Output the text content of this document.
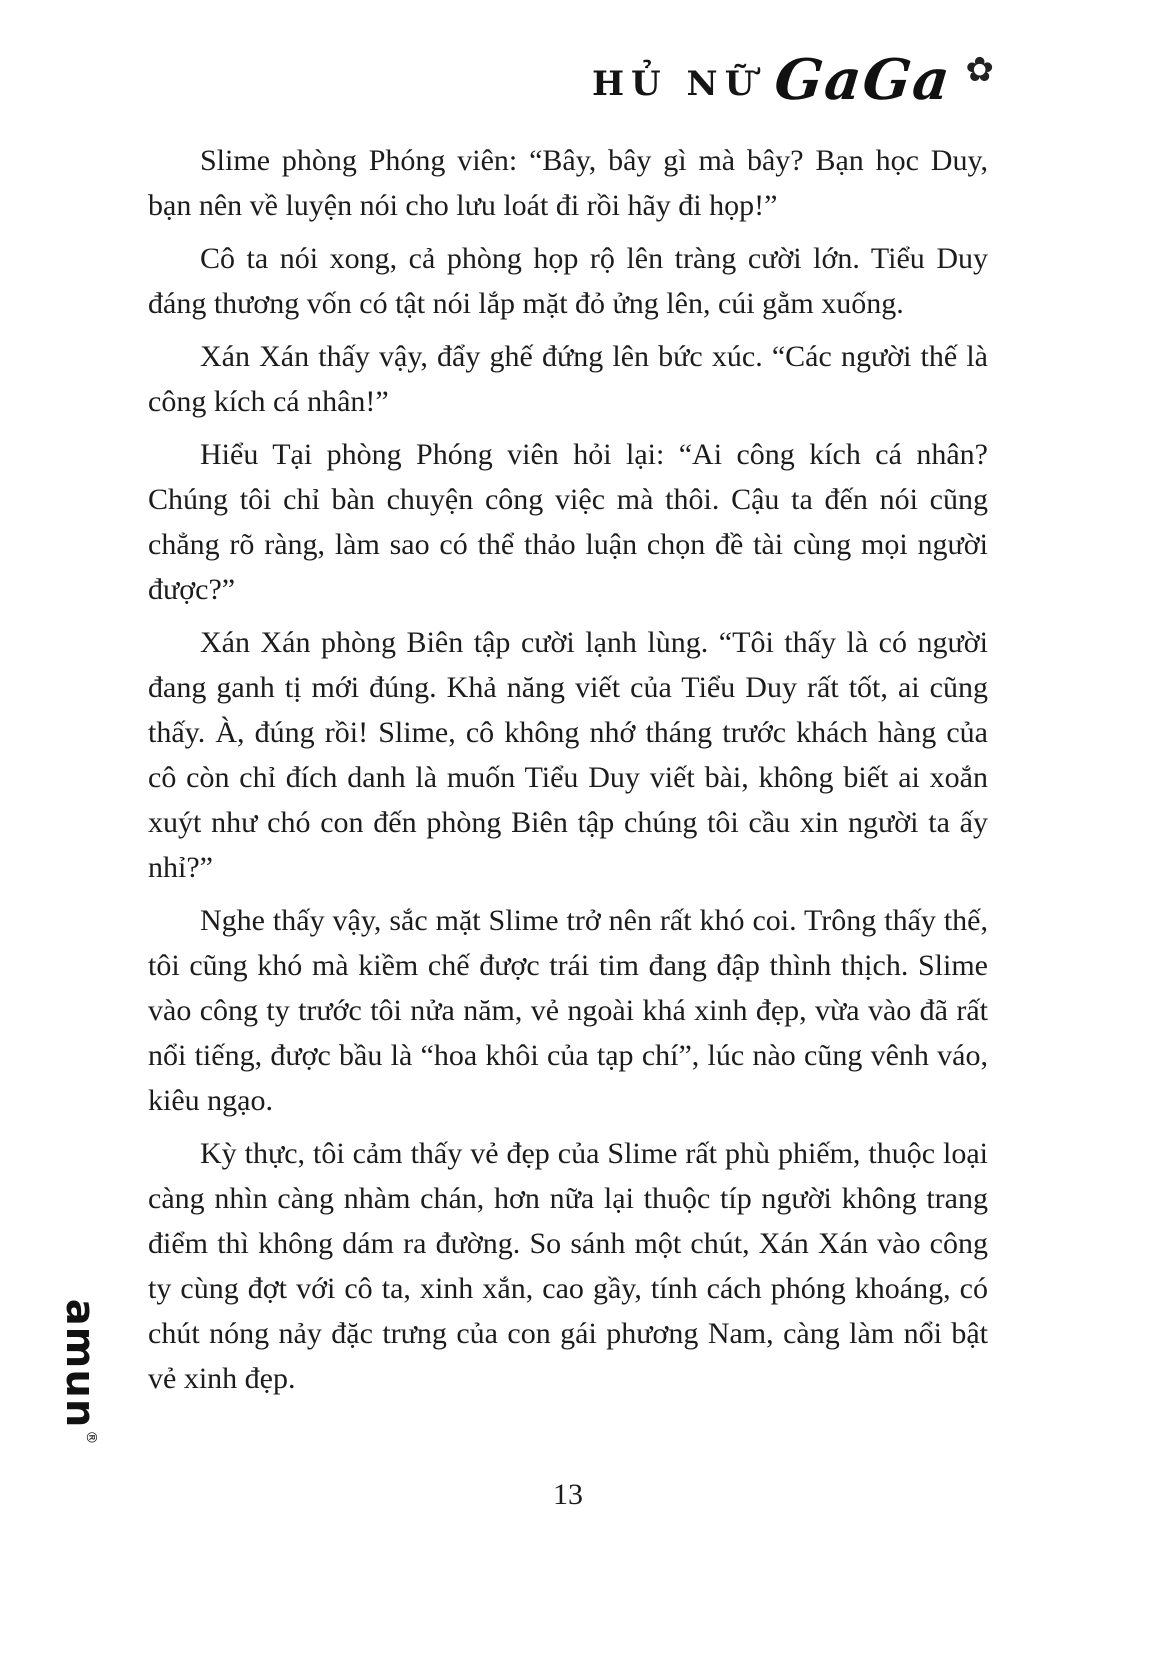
HỦ NỮ GaGa ✿

Slime phòng Phóng viên: “Bây, bây gì mà bây? Bạn học Duy, bạn nên về luyện nói cho lưu loát đi rồi hãy đi họp!”

Cô ta nói xong, cả phòng họp rộ lên tràng cười lớn. Tiểu Duy đáng thương vốn có tật nói lắp mặt đỏ ửng lên, cúi gằm xuống.

Xán Xán thấy vậy, đẩy ghế đứng lên bức xúc. “Các người thế là công kích cá nhân!”

Hiểu Tại phòng Phóng viên hỏi lại: “Ai công kích cá nhân? Chúng tôi chỉ bàn chuyện công việc mà thôi. Cậu ta đến nói cũng chẳng rõ ràng, làm sao có thể thảo luận chọn đề tài cùng mọi người được?”

Xán Xán phòng Biên tập cười lạnh lùng. “Tôi thấy là có người đang ganh tị mới đúng. Khả năng viết của Tiểu Duy rất tốt, ai cũng thấy. À, đúng rồi! Slime, cô không nhớ tháng trước khách hàng của cô còn chỉ đích danh là muốn Tiểu Duy viết bài, không biết ai xoắn xuýt như chó con đến phòng Biên tập chúng tôi cầu xin người ta ấy nhỉ?”

Nghe thấy vậy, sắc mặt Slime trở nên rất khó coi. Trông thấy thế, tôi cũng khó mà kiềm chế được trái tim đang đập thình thịch. Slime vào công ty trước tôi nửa năm, vẻ ngoài khá xinh đẹp, vừa vào đã rất nổi tiếng, được bầu là “hoa khôi của tạp chí”, lúc nào cũng vênh váo, kiêu ngạo.

Kỳ thực, tôi cảm thấy vẻ đẹp của Slime rất phù phiếm, thuộc loại càng nhìn càng nhàm chán, hơn nữa lại thuộc típ người không trang điểm thì không dám ra đường. So sánh một chút, Xán Xán vào công ty cùng đợt với cô ta, xinh xắn, cao gầy, tính cách phóng khoáng, có chút nóng nảy đặc trưng của con gái phương Nam, càng làm nổi bật vẻ xinh đẹp.

amun
®
13
